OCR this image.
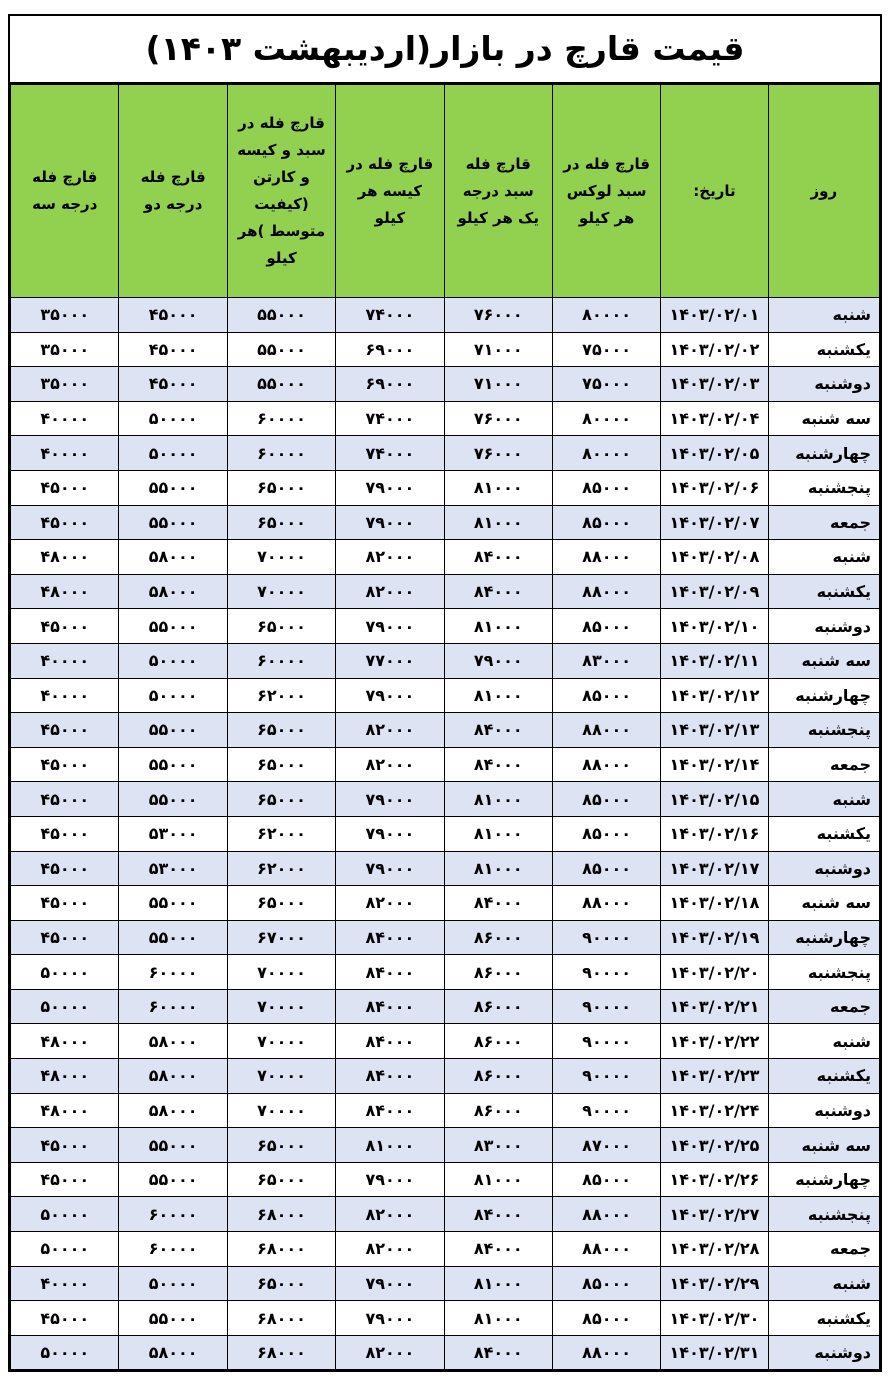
قیمت قارچ در بازار(اردیبهشت ۱۴۰۳)
روز	تاریخ:	قارچ فله در سبد لوکس هر کیلو	قارچ فله سبد درجه یک هر کیلو	قارچ فله در کیسه هر کیلو	قارچ فله در سبد و کیسه و کارتن (کیفیت متوسط )هر کیلو	قارچ فله درجه دو	قارچ فله درجه سه
شنبه	۱۴۰۳/۰۲/۰۱	۸۰۰۰۰	۷۶۰۰۰	۷۴۰۰۰	۵۵۰۰۰	۴۵۰۰۰	۳۵۰۰۰
یکشنبه	۱۴۰۳/۰۲/۰۲	۷۵۰۰۰	۷۱۰۰۰	۶۹۰۰۰	۵۵۰۰۰	۴۵۰۰۰	۳۵۰۰۰
دوشنبه	۱۴۰۳/۰۲/۰۳	۷۵۰۰۰	۷۱۰۰۰	۶۹۰۰۰	۵۵۰۰۰	۴۵۰۰۰	۳۵۰۰۰
سه شنبه	۱۴۰۳/۰۲/۰۴	۸۰۰۰۰	۷۶۰۰۰	۷۴۰۰۰	۶۰۰۰۰	۵۰۰۰۰	۴۰۰۰۰
چهارشنبه	۱۴۰۳/۰۲/۰۵	۸۰۰۰۰	۷۶۰۰۰	۷۴۰۰۰	۶۰۰۰۰	۵۰۰۰۰	۴۰۰۰۰
پنجشنبه	۱۴۰۳/۰۲/۰۶	۸۵۰۰۰	۸۱۰۰۰	۷۹۰۰۰	۶۵۰۰۰	۵۵۰۰۰	۴۵۰۰۰
جمعه	۱۴۰۳/۰۲/۰۷	۸۵۰۰۰	۸۱۰۰۰	۷۹۰۰۰	۶۵۰۰۰	۵۵۰۰۰	۴۵۰۰۰
شنبه	۱۴۰۳/۰۲/۰۸	۸۸۰۰۰	۸۴۰۰۰	۸۲۰۰۰	۷۰۰۰۰	۵۸۰۰۰	۴۸۰۰۰
یکشنبه	۱۴۰۳/۰۲/۰۹	۸۸۰۰۰	۸۴۰۰۰	۸۲۰۰۰	۷۰۰۰۰	۵۸۰۰۰	۴۸۰۰۰
دوشنبه	۱۴۰۳/۰۲/۱۰	۸۵۰۰۰	۸۱۰۰۰	۷۹۰۰۰	۶۵۰۰۰	۵۵۰۰۰	۴۵۰۰۰
سه شنبه	۱۴۰۳/۰۲/۱۱	۸۳۰۰۰	۷۹۰۰۰	۷۷۰۰۰	۶۰۰۰۰	۵۰۰۰۰	۴۰۰۰۰
چهارشنبه	۱۴۰۳/۰۲/۱۲	۸۵۰۰۰	۸۱۰۰۰	۷۹۰۰۰	۶۲۰۰۰	۵۰۰۰۰	۴۰۰۰۰
پنجشنبه	۱۴۰۳/۰۲/۱۳	۸۸۰۰۰	۸۴۰۰۰	۸۲۰۰۰	۶۵۰۰۰	۵۵۰۰۰	۴۵۰۰۰
جمعه	۱۴۰۳/۰۲/۱۴	۸۸۰۰۰	۸۴۰۰۰	۸۲۰۰۰	۶۵۰۰۰	۵۵۰۰۰	۴۵۰۰۰
شنبه	۱۴۰۳/۰۲/۱۵	۸۵۰۰۰	۸۱۰۰۰	۷۹۰۰۰	۶۵۰۰۰	۵۵۰۰۰	۴۵۰۰۰
یکشنبه	۱۴۰۳/۰۲/۱۶	۸۵۰۰۰	۸۱۰۰۰	۷۹۰۰۰	۶۲۰۰۰	۵۳۰۰۰	۴۵۰۰۰
دوشنبه	۱۴۰۳/۰۲/۱۷	۸۵۰۰۰	۸۱۰۰۰	۷۹۰۰۰	۶۲۰۰۰	۵۳۰۰۰	۴۵۰۰۰
سه شنبه	۱۴۰۳/۰۲/۱۸	۸۸۰۰۰	۸۴۰۰۰	۸۲۰۰۰	۶۵۰۰۰	۵۵۰۰۰	۴۵۰۰۰
چهارشنبه	۱۴۰۳/۰۲/۱۹	۹۰۰۰۰	۸۶۰۰۰	۸۴۰۰۰	۶۷۰۰۰	۵۵۰۰۰	۴۵۰۰۰
پنجشنبه	۱۴۰۳/۰۲/۲۰	۹۰۰۰۰	۸۶۰۰۰	۸۴۰۰۰	۷۰۰۰۰	۶۰۰۰۰	۵۰۰۰۰
جمعه	۱۴۰۳/۰۲/۲۱	۹۰۰۰۰	۸۶۰۰۰	۸۴۰۰۰	۷۰۰۰۰	۶۰۰۰۰	۵۰۰۰۰
شنبه	۱۴۰۳/۰۲/۲۲	۹۰۰۰۰	۸۶۰۰۰	۸۴۰۰۰	۷۰۰۰۰	۵۸۰۰۰	۴۸۰۰۰
یکشنبه	۱۴۰۳/۰۲/۲۳	۹۰۰۰۰	۸۶۰۰۰	۸۴۰۰۰	۷۰۰۰۰	۵۸۰۰۰	۴۸۰۰۰
دوشنبه	۱۴۰۳/۰۲/۲۴	۹۰۰۰۰	۸۶۰۰۰	۸۴۰۰۰	۷۰۰۰۰	۵۸۰۰۰	۴۸۰۰۰
سه شنبه	۱۴۰۳/۰۲/۲۵	۸۷۰۰۰	۸۳۰۰۰	۸۱۰۰۰	۶۵۰۰۰	۵۵۰۰۰	۴۵۰۰۰
چهارشنبه	۱۴۰۳/۰۲/۲۶	۸۵۰۰۰	۸۱۰۰۰	۷۹۰۰۰	۶۵۰۰۰	۵۵۰۰۰	۴۵۰۰۰
پنجشنبه	۱۴۰۳/۰۲/۲۷	۸۸۰۰۰	۸۴۰۰۰	۸۲۰۰۰	۶۸۰۰۰	۶۰۰۰۰	۵۰۰۰۰
جمعه	۱۴۰۳/۰۲/۲۸	۸۸۰۰۰	۸۴۰۰۰	۸۲۰۰۰	۶۸۰۰۰	۶۰۰۰۰	۵۰۰۰۰
شنبه	۱۴۰۳/۰۲/۲۹	۸۵۰۰۰	۸۱۰۰۰	۷۹۰۰۰	۶۵۰۰۰	۵۰۰۰۰	۴۰۰۰۰
یکشنبه	۱۴۰۳/۰۲/۳۰	۸۵۰۰۰	۸۱۰۰۰	۷۹۰۰۰	۶۸۰۰۰	۵۵۰۰۰	۴۵۰۰۰
دوشنبه	۱۴۰۳/۰۲/۳۱	۸۸۰۰۰	۸۴۰۰۰	۸۲۰۰۰	۶۸۰۰۰	۵۸۰۰۰	۵۰۰۰۰
